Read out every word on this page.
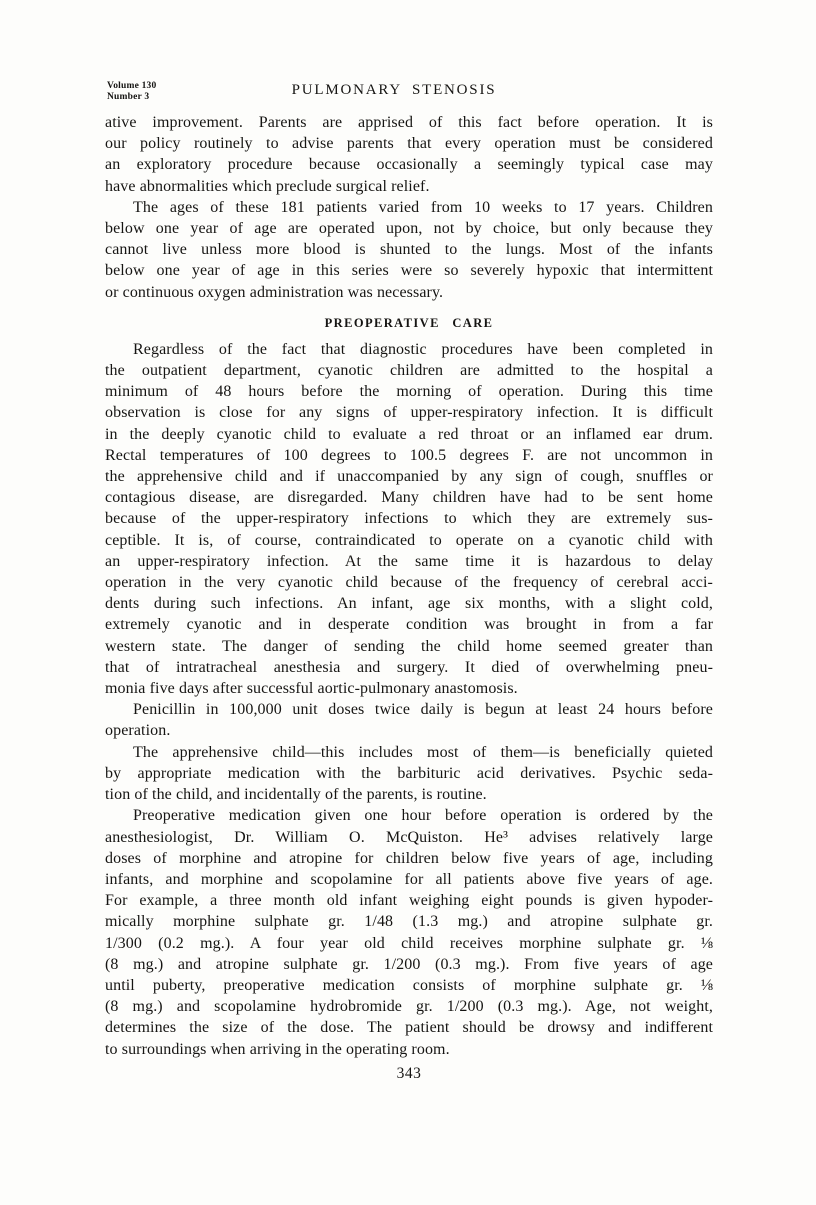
Volume 130
Number 3	PULMONARY STENOSIS
ative improvement. Parents are apprised of this fact before operation. It is
our policy routinely to advise parents that every operation must be considered
an exploratory procedure because occasionally a seemingly typical case may
have abnormalities which preclude surgical relief.
The ages of these 181 patients varied from 10 weeks to 17 years. Children
below one year of age are operated upon, not by choice, but only because they
cannot live unless more blood is shunted to the lungs. Most of the infants
below one year of age in this series were so severely hypoxic that intermittent
or continuous oxygen administration was necessary.
PREOPERATIVE CARE
Regardless of the fact that diagnostic procedures have been completed in
the outpatient department, cyanotic children are admitted to the hospital a
minimum of 48 hours before the morning of operation. During this time
observation is close for any signs of upper-respiratory infection. It is difficult
in the deeply cyanotic child to evaluate a red throat or an inflamed ear drum.
Rectal temperatures of 100 degrees to 100.5 degrees F. are not uncommon in
the apprehensive child and if unaccompanied by any sign of cough, snuffles or
contagious disease, are disregarded. Many children have had to be sent home
because of the upper-respiratory infections to which they are extremely sus-
ceptible. It is, of course, contraindicated to operate on a cyanotic child with
an upper-respiratory infection. At the same time it is hazardous to delay
operation in the very cyanotic child because of the frequency of cerebral acci-
dents during such infections. An infant, age six months, with a slight cold,
extremely cyanotic and in desperate condition was brought in from a far
western state. The danger of sending the child home seemed greater than
that of intratracheal anesthesia and surgery. It died of overwhelming pneu-
monia five days after successful aortic-pulmonary anastomosis.
Penicillin in 100,000 unit doses twice daily is begun at least 24 hours before
operation.
The apprehensive child—this includes most of them—is beneficially quieted
by appropriate medication with the barbituric acid derivatives. Psychic seda-
tion of the child, and incidentally of the parents, is routine.
Preoperative medication given one hour before operation is ordered by the
anesthesiologist, Dr. William O. McQuiston. He³ advises relatively large
doses of morphine and atropine for children below five years of age, including
infants, and morphine and scopolamine for all patients above five years of age.
For example, a three month old infant weighing eight pounds is given hypoder-
mically morphine sulphate gr. 1/48 (1.3 mg.) and atropine sulphate gr.
1/300 (0.2 mg.). A four year old child receives morphine sulphate gr. ⅛
(8 mg.) and atropine sulphate gr. 1/200 (0.3 mg.). From five years of age
until puberty, preoperative medication consists of morphine sulphate gr. ⅛
(8 mg.) and scopolamine hydrobromide gr. 1/200 (0.3 mg.). Age, not weight,
determines the size of the dose. The patient should be drowsy and indifferent
to surroundings when arriving in the operating room.
343
